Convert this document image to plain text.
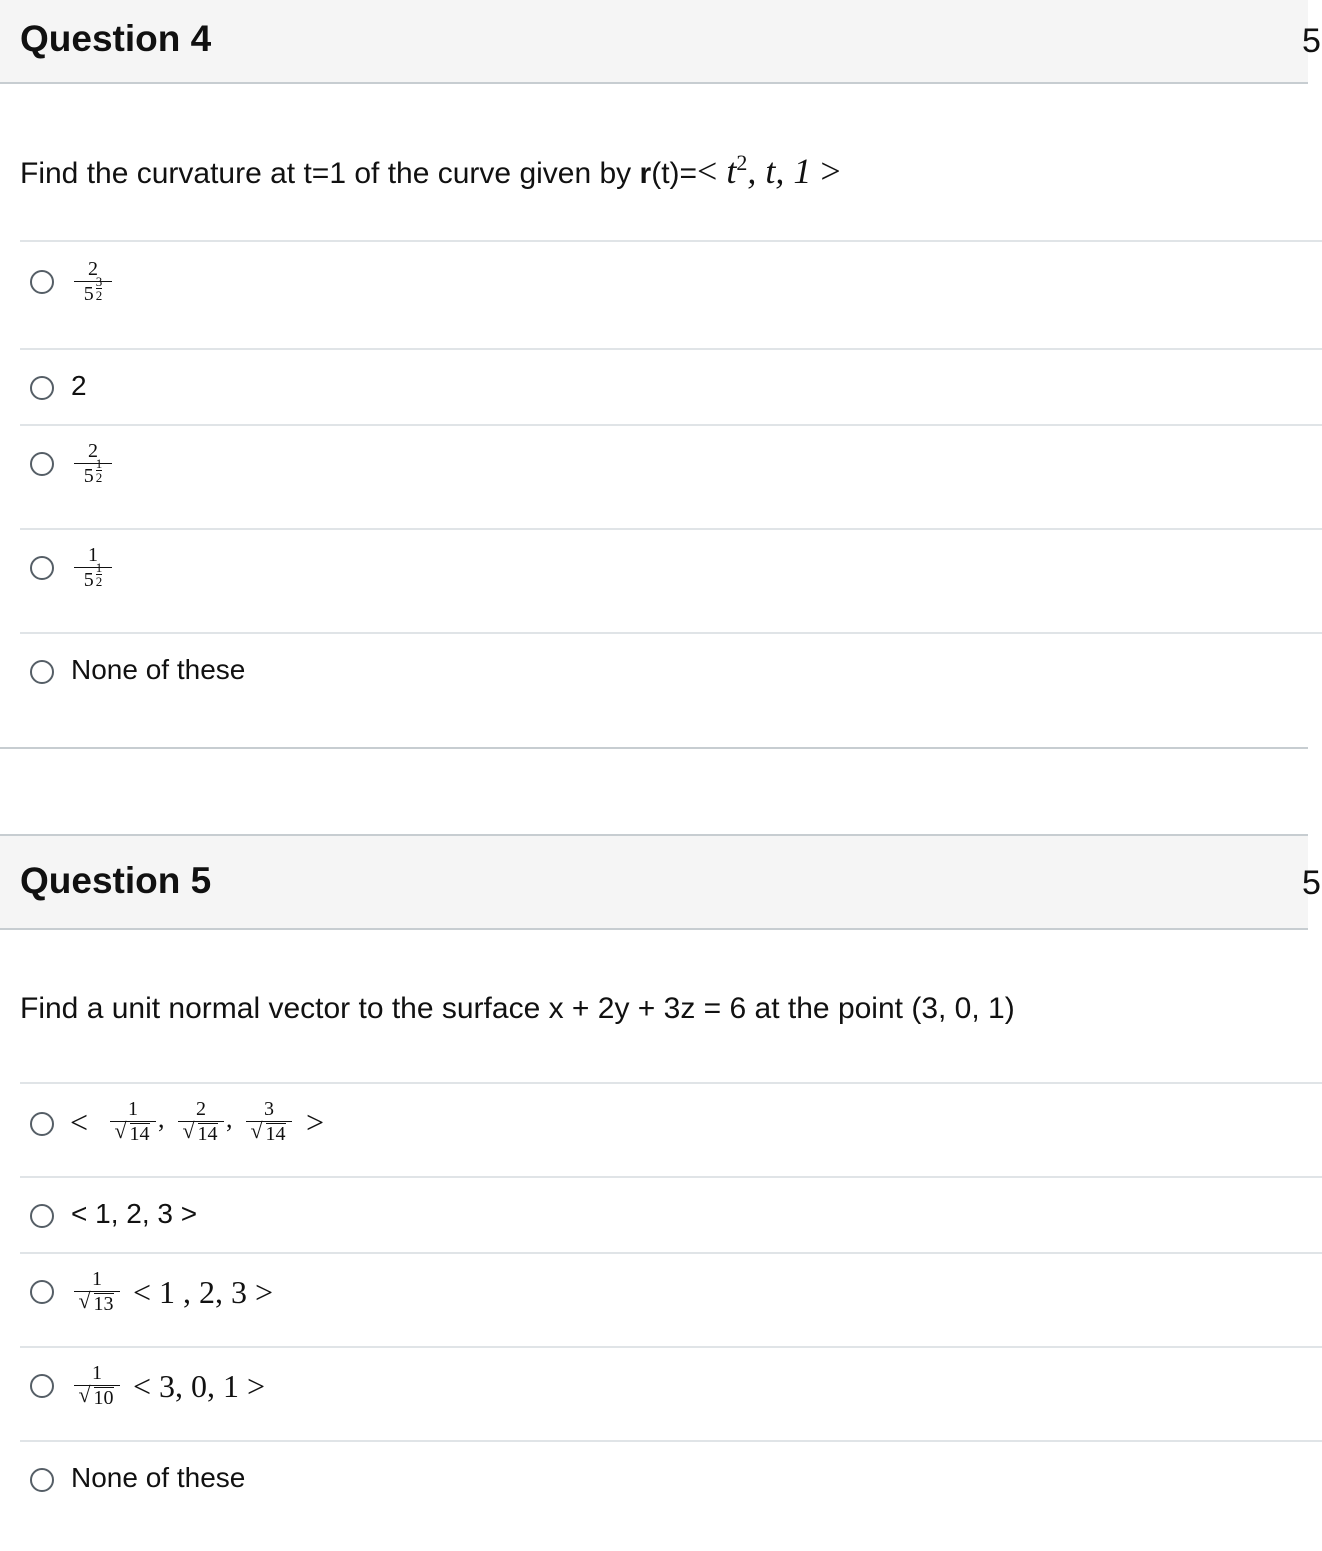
Question 4	5
Find the curvature at t=1 of the curve given by $r(t)=< t^2$, t, 1 >
2
$5 \frac{3}{2}$
2
2
$5 \frac{1}{2}$
1
$5 \frac{1}{2}$
None of these
Question 5	5
Find a unit normal vector to the surface x + 2y + 3z = 6 at the point (3, 0, 1)
<	1
√ 14
,	2
√ 14
,	3
√ 14 >
< 1, 2, 3 >
1
√ 13 < 1 , 2, 3 >
1
√ 10 < 3, 0, 1 >
None of these
